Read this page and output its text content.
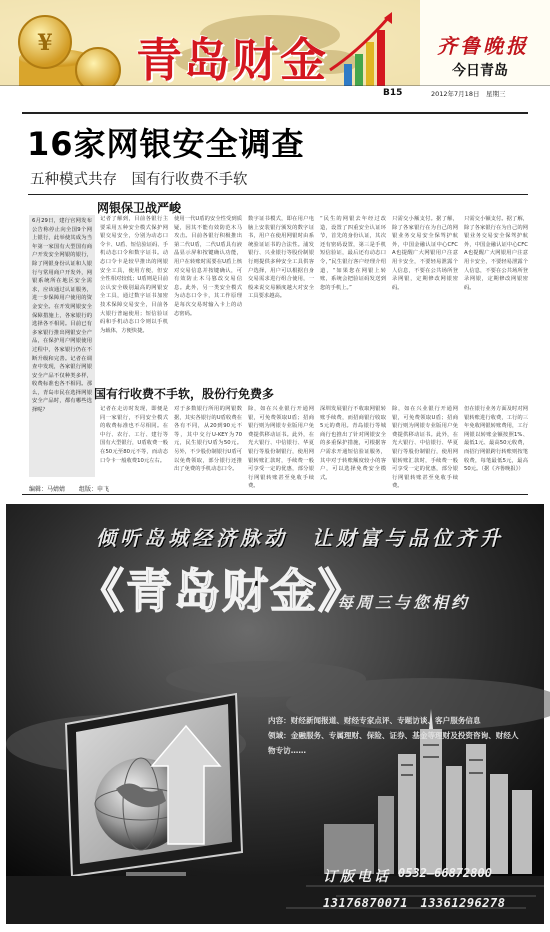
¥ 青岛财金	齐鲁晚报
今日青岛
B15	2012年7月18日　星期三
16家网银安全调查
五种模式共存　国有行收费不手软
网银保卫战严峻
6月29日，建行官网发布公告称停止向全国9个网上银行，此举使其成为当年第一家国有大型国有商户开发安全网银的银行，除了网银身份认证和人银行与常用商户开发外，网银系统所在地区安全需求，应该通过认证服务，进一步保障用户使用的资金安全。在开发网银安全保障措施上，各家银行的选择各不相同。目前已有多家银行推出网银安全产品，在保护用户网银使用过程中，各家银行仍在不断升级和完善。记者在调查中发现，各家银行网银安全产品不仅种类多样，收费标准也各不相同。那么，青岛市民在选择网银安全产品时，都有哪些选择呢？
记者了解到，目前各银行主要采用五种安全模式保护网银交易安全，分别为动态口令卡、U盾、短信验证码、手机动态口令和数字证书。动态口令卡是较早推出的网银安全工具，使用方便，但安全性相对较低；U盾则是目前公认安全级别最高的网银安全工具，通过数字证书加密技术保障交易安全，目前各大银行普遍使用；短信验证码和手机动态口令则以手机为载体，方便快捷。
使用一代U盾的安全性受到质疑，因其不能有效防范木马攻击。目前各银行积极推出第二代U盾，二代U盾具有液晶显示屏和按键确认功能，用户在转账时需要在U盾上核对交易信息并按键确认，可有效防止木马篡改交易信息。此外，另一类安全模式为动态口令卡，其工作原理是每次交易时输入卡上的动态密码。
数字证书模式，即在用户电脑上安装银行颁发的数字证书，用户在使用网银时由系统验证证书的合法性。浦发银行、兴业银行等股份制银行则提供多种安全工具供客户选择，用户可以根据自身交易需求进行组合使用，一般来说交易额度越大对安全工具要求越高。
“民生的网银去年经过改造，设置了四重安全认证环节，首先的身份认证，其次还有密码设置，第三是手机短信验证，最后还有动态口令，”民生银行客户经理介绍道，“如果您在网银上转账，系统会把验证码发送到您的手机上。”
只需交小额支付。据了解，除了各家银行在为自己的网银业务交易安全保驾护航外，中国金融认证中心CFCA也提醒广大网银用户注意用卡安全，不要轻易泄露个人信息，不要在公共场所登录网银，定期修改网银密码。
只需交小额支付。据了解，除了各家银行在为自己的网银业务交易安全保驾护航外，中国金融认证中心CFCA也提醒广大网银用户注意用卡安全，不要轻易泄露个人信息，不要在公共场所登录网银，定期修改网银密码。
国有行收费不手软，股份行免费多
记者在走访时发现，即便是同一家银行，不同安全模式的收费标准也不尽相同。在中行、农行、工行、建行等国有大型银行，U盾收费一般在50元至80元不等，而动态口令卡一般收费10元左右。
对于多数银行所用的网银数据，其实各银行的U盾收费在各有不同，从20到90元不等，其中交行U-KEY为70元，民生银行U盾为50元。另外，不少股份制银行U盾可以免费领取，部分银行还推出了免费的手机动态口令。
除，如在兴业银行开通网银，可免费领取U盾；招商银行则为网银专业版用户免费提供移动证书。此外，在光大银行、中信银行、华夏银行等股份制银行，使用网银转账汇款时，手续费一般可享受一定的优惠，部分银行网银转账甚至免收手续费。
深圳发展银行不收取网银转账手续费，而招商银行收取5元的费用。青岛银行等城商行也推出了针对网银安全的多重保护措施，可根据客户需求开通短信验证服务，其中对于转账额度较小的客户，可以选择免费安全模式。
除，如在兴业银行开通网银，可免费领取U盾；招商银行则为网银专业版用户免费提供移动证书。此外，在光大银行、中信银行、华夏银行等股份制银行，使用网银转账汇款时，手续费一般可享受一定的优惠，部分银行网银转账甚至免收手续费。
但在银行业务方面及时对网银转账进行收费，工行的三年免收网银转账费用，工行网银以转账金额按照1%、最低1元、最高50元收费，而招行网银跨行转账则按笔收费，每笔最低5元，最高50元。（据《齐鲁晚报》）
编辑：马婧婧 组版：申飞
倾听岛城经济脉动　让财富与品位齐升
《青岛财金》
每周三与您相约
内容：财经新闻报道、财经专家点评、专题访谈、客户服务信息
领域：金融服务、专属理财、保险、证券、基金等理财及投资咨询、财经人物专访……
订版电话 0532—66872800
13176870071　13361296278
